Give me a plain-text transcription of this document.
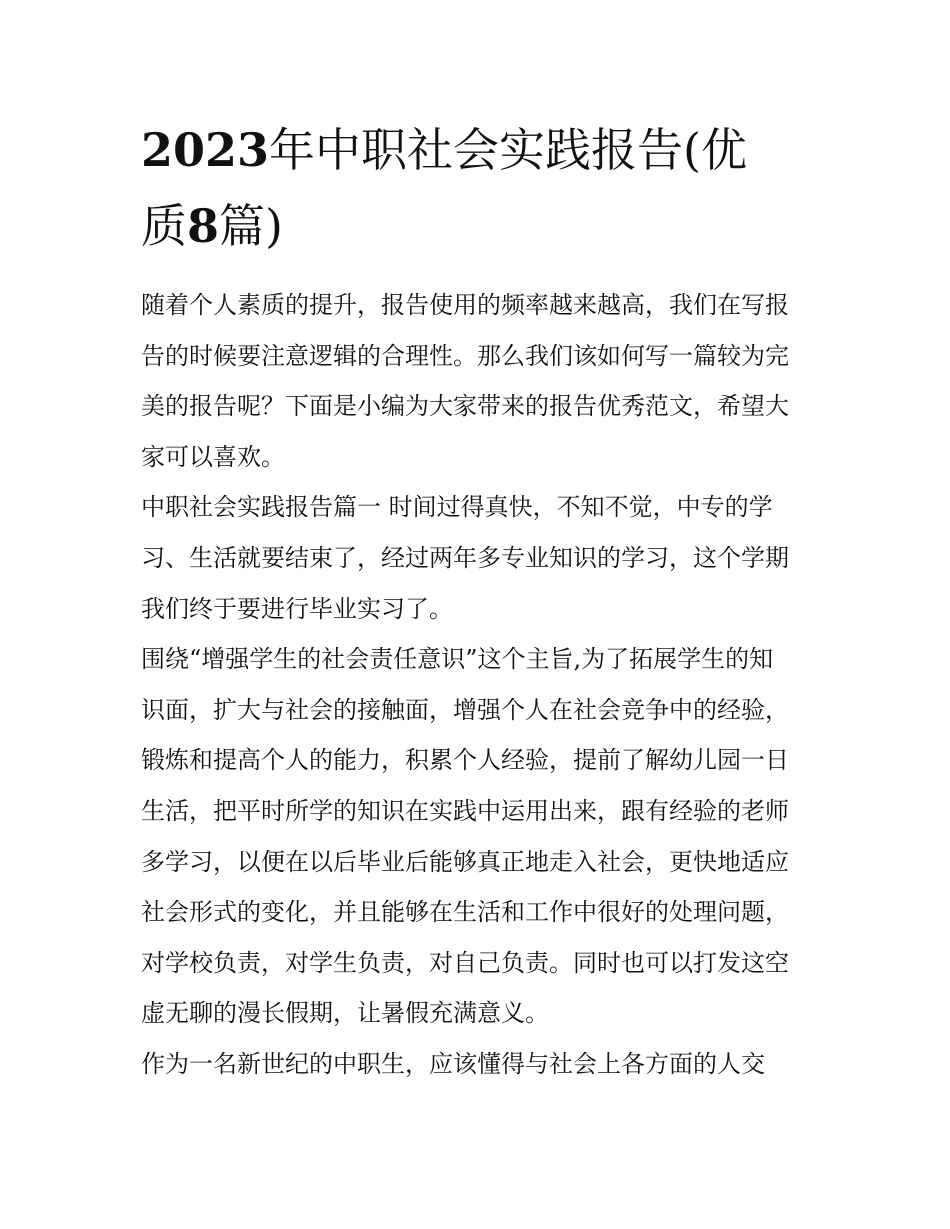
2023年中职社会实践报告(优
质8篇)
随着个人素质的提升，报告使用的频率越来越高，我们在写报
告的时候要注意逻辑的合理性。那么我们该如何写一篇较为完
美的报告呢？下面是小编为大家带来的报告优秀范文，希望大
家可以喜欢。
中职社会实践报告篇一 时间过得真快，不知不觉，中专的学
习、生活就要结束了，经过两年多专业知识的学习，这个学期
我们终于要进行毕业实习了。
围绕“增强学生的社会责任意识”这个主旨,为了拓展学生的知
识面，扩大与社会的接触面，增强个人在社会竞争中的经验，
锻炼和提高个人的能力，积累个人经验，提前了解幼儿园一日
生活，把平时所学的知识在实践中运用出来，跟有经验的老师
多学习，以便在以后毕业后能够真正地走入社会，更快地适应
社会形式的变化，并且能够在生活和工作中很好的处理问题，
对学校负责，对学生负责，对自己负责。同时也可以打发这空
虚无聊的漫长假期，让暑假充满意义。
作为一名新世纪的中职生，应该懂得与社会上各方面的人交
